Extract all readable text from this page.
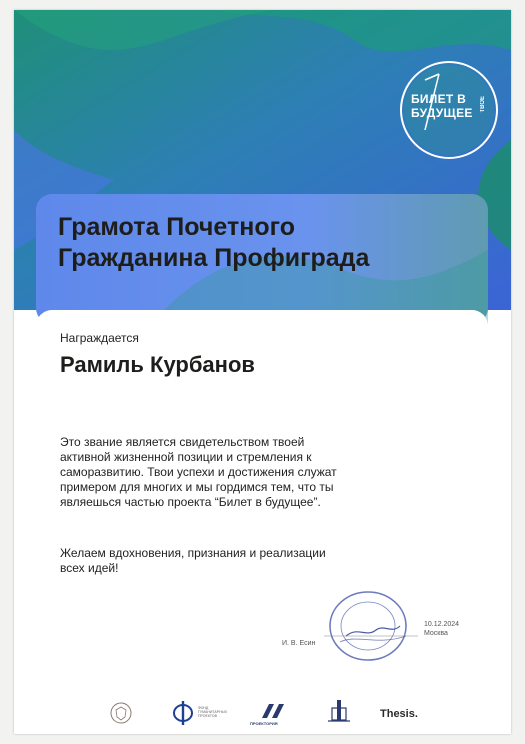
БИЛЕТ В
БУДУЩЕЕ
ТВОЕ
Грамота Почетного
Гражданина Профиграда
Награждается
Рамиль Курбанов
Это звание является свидетельством твоей
активной жизненной позиции и стремления к
саморазвитию. Твои успехи и достижения служат
примером для многих и мы гордимся тем, что ты
являешься частью проекта “Билет в будущее”.
Желаем вдохновения, признания и реализации
всех идей!
И. В. Есин
10.12.2024
Москва
ФОНД
ГУМАНИТАРНЫХ
ПРОЕКТОВ
ПРОЕКТОРИЯ
Thesis.
